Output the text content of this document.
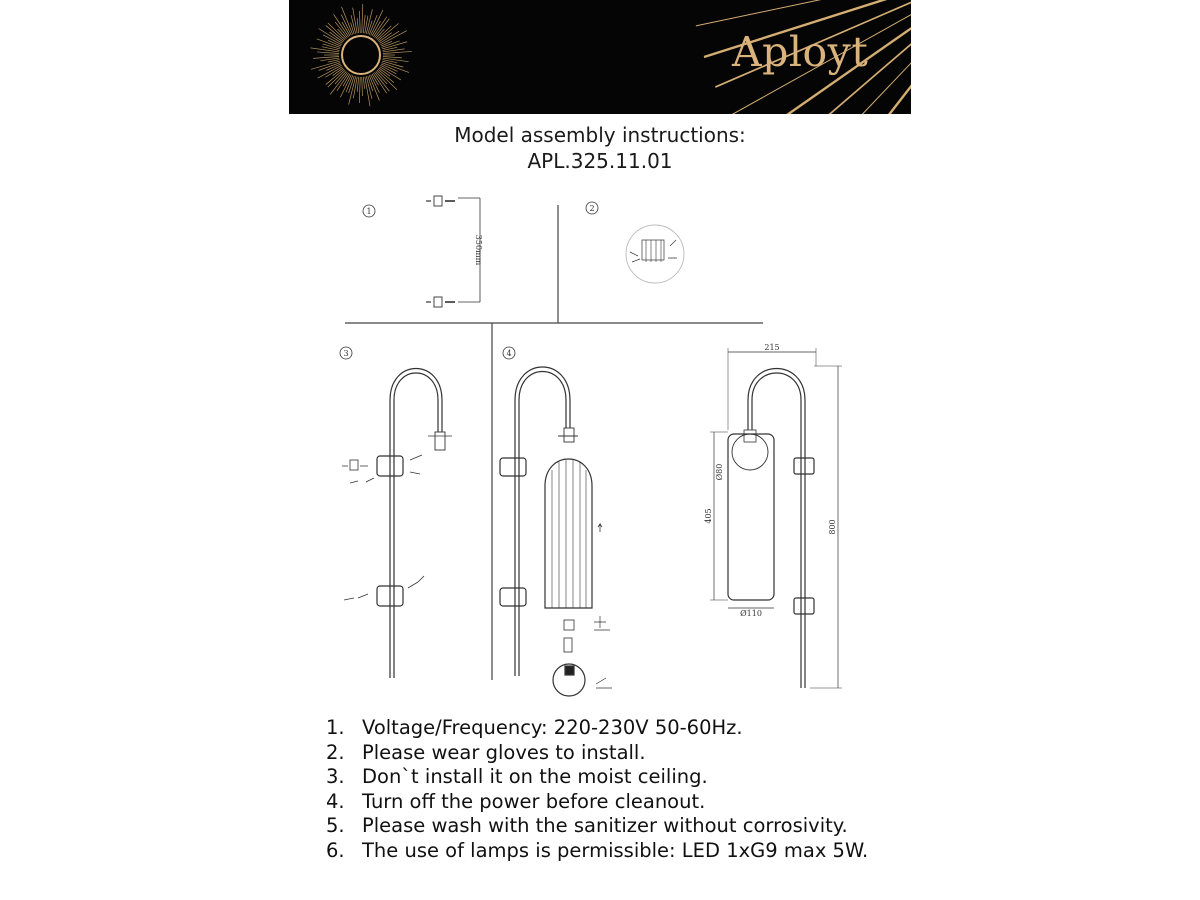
Aployt
Model assembly instructions:
APL.325.11.01
1	2
3	4
350mm
215
800
405
Ø80
Ø110
1. Voltage/Frequency: 220-230V 50-60Hz.
2. Please wear gloves to install.
3. Don`t install it on the moist ceiling.
4. Turn off the power before cleanout.
5. Please wash with the sanitizer without corrosivity.
6. The use of lamps is permissible: LED 1xG9 max 5W.
